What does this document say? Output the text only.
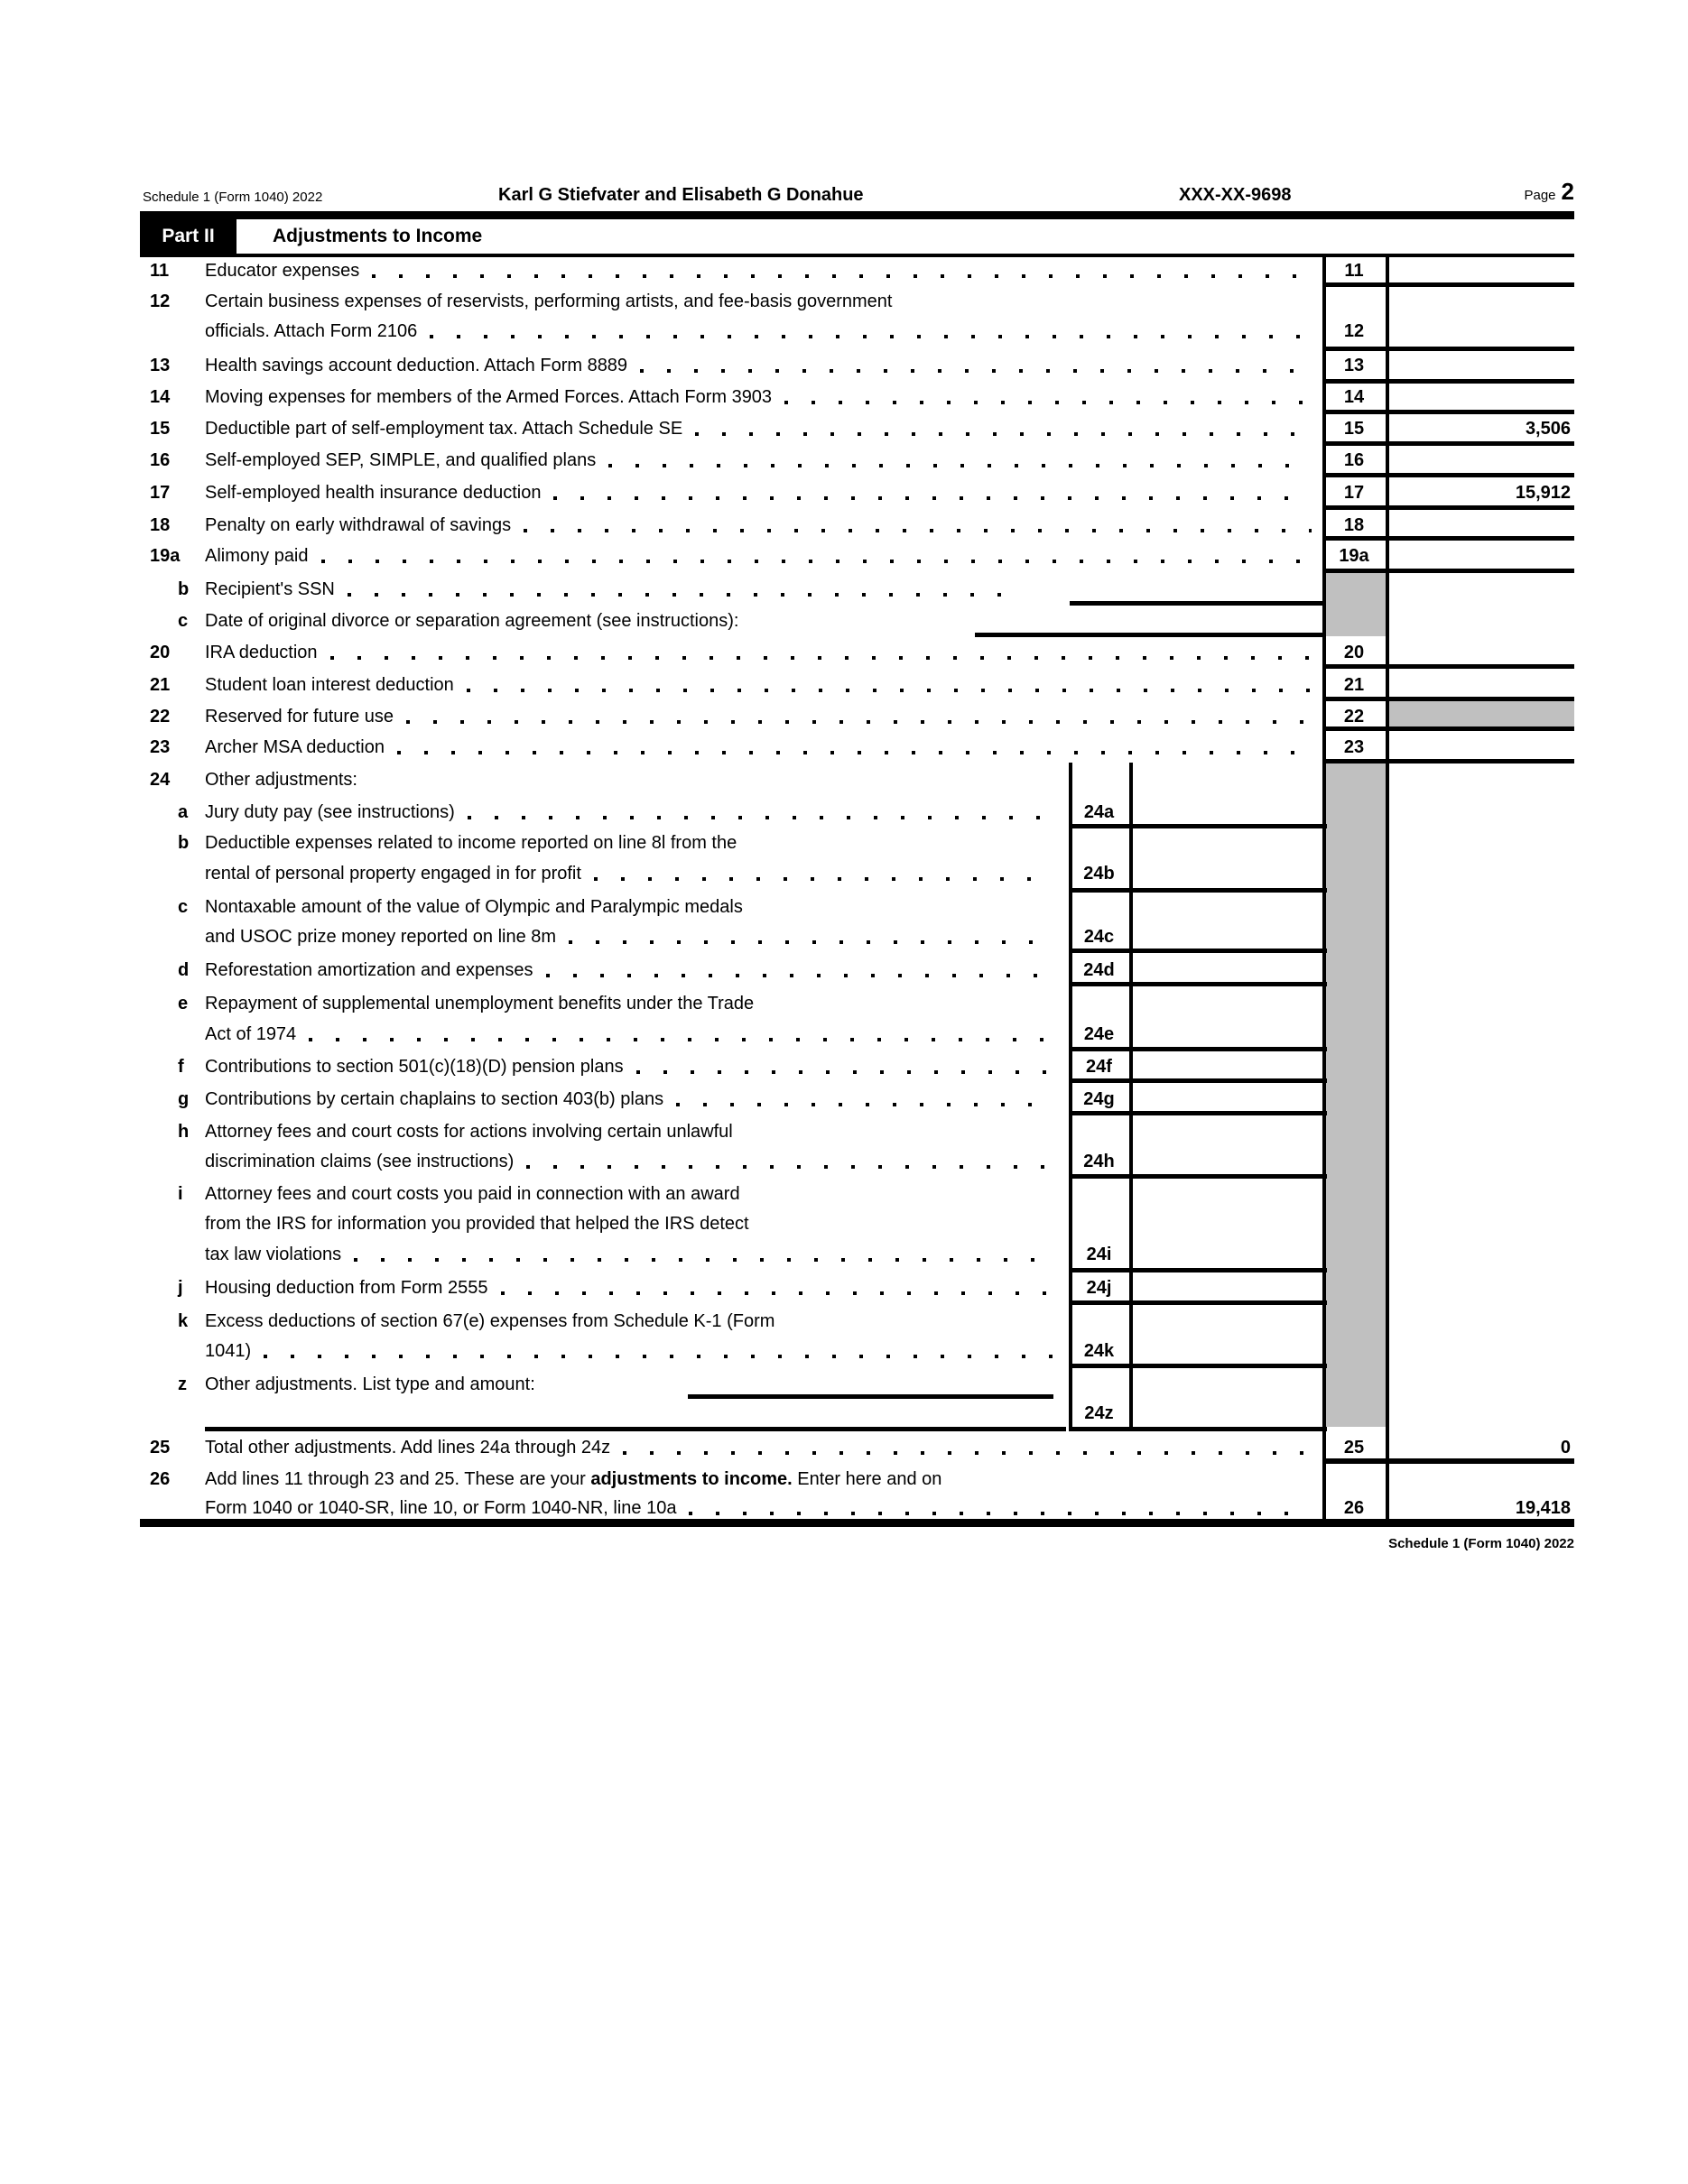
Schedule 1 (Form 1040) 2022	Karl G Stiefvater and Elisabeth G Donahue	XXX-XX-9698	Page 2
Part II	Adjustments to Income
11 Educator expenses	11
12 Certain business expenses of reservists, performing artists, and fee-basis government
officials. Attach Form 2106	12
13 Health savings account deduction. Attach Form 8889	13
14 Moving expenses for members of the Armed Forces. Attach Form 3903	14
15 Deductible part of self-employment tax. Attach Schedule SE	15	3,506
16 Self-employed SEP, SIMPLE, and qualified plans	16
17 Self-employed health insurance deduction	17	15,912
18 Penalty on early withdrawal of savings	18
19a Alimony paid	19a
b Recipient's SSN
c Date of original divorce or separation agreement (see instructions):
20 IRA deduction	20
21 Student loan interest deduction	21
22 Reserved for future use	22
23 Archer MSA deduction	23
24 Other adjustments:
a Jury duty pay (see instructions)	24a
b Deductible expenses related to income reported on line 8l from the
rental of personal property engaged in for profit	24b
c Nontaxable amount of the value of Olympic and Paralympic medals
and USOC prize money reported on line 8m	24c
d Reforestation amortization and expenses	24d
e Repayment of supplemental unemployment benefits under the Trade
Act of 1974	24e
f Contributions to section 501(c)(18)(D) pension plans	24f
g Contributions by certain chaplains to section 403(b) plans	24g
h Attorney fees and court costs for actions involving certain unlawful
discrimination claims (see instructions)	24h
i Attorney fees and court costs you paid in connection with an award
from the IRS for information you provided that helped the IRS detect
tax law violations	24i
j Housing deduction from Form 2555	24j
k Excess deductions of section 67(e) expenses from Schedule K-1 (Form
1041)	24k
z Other adjustments. List type and amount:
24z
25 Total other adjustments. Add lines 24a through 24z	25	0
26 Add lines 11 through 23 and 25. These are your adjustments to income. Enter here and on
Form 1040 or 1040-SR, line 10, or Form 1040-NR, line 10a	26	19,418
Schedule 1 (Form 1040) 2022
